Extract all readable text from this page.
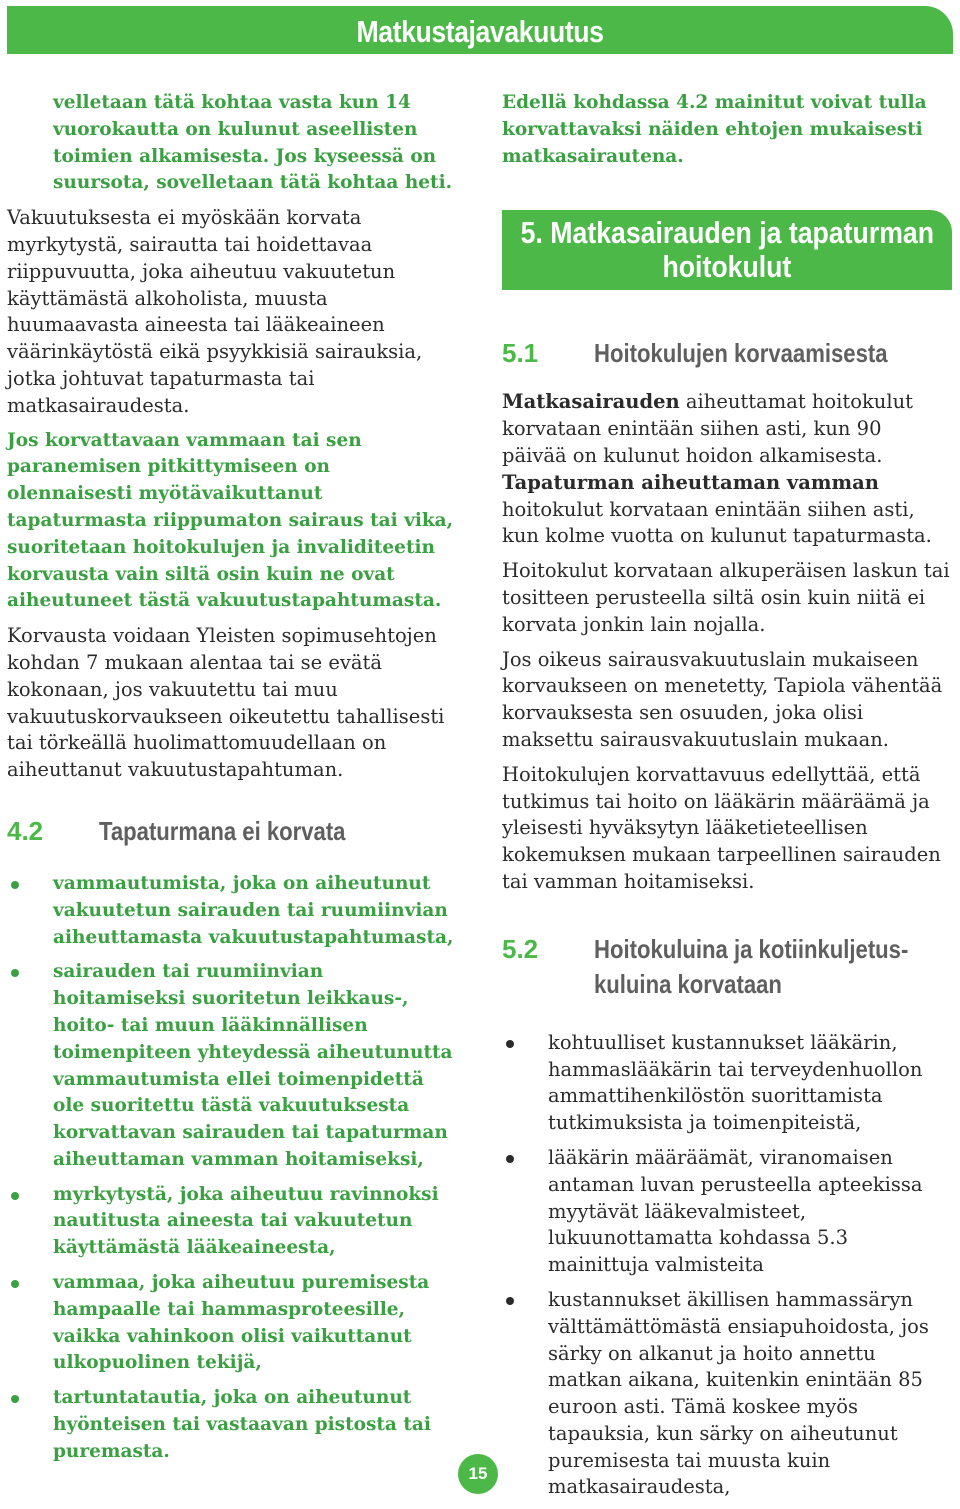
Matkustajavakuutus

velletaan tätä kohtaa vasta kun 14 vuorokautta on kulunut aseellisten toimien alkamisesta. Jos kyseessä on suursota, sovelletaan tätä kohtaa heti.

Vakuutuksesta ei myöskään korvata myrkytystä, sairautta tai hoidettavaa riippuvuutta, joka aiheutuu vakuutetun käyttämästä alkoholista, muusta huumaavasta aineesta tai lääkeaineen väärinkäytöstä eikä psyykkisiä sairauksia, jotka johtuvat tapaturmasta tai matkasairaudesta.

Jos korvattavaan vammaan tai sen paranemisen pitkittymiseen on olennaisesti myötävaikuttanut tapaturmasta riippumaton sairaus tai vika, suoritetaan hoitokulujen ja invaliditeetin korvausta vain siltä osin kuin ne ovat aiheutuneet tästä vakuutustapahtumasta.

Korvausta voidaan Yleisten sopimusehtojen kohdan 7 mukaan alentaa tai se evätä kokonaan, jos vakuutettu tai muu vakuutuskorvaukseen oikeutettu tahallisesti tai törkeällä huolimattomuudellaan on aiheuttanut vakuutustapahtuman.

4.2 Tapaturmana ei korvata
vammautumista, joka on aiheutunut vakuutetun sairauden tai ruumiinvian aiheuttamasta vakuutustapahtumasta,
sairauden tai ruumiinvian hoitamiseksi suoritetun leikkaus-, hoito- tai muun lääkinnällisen toimenpiteen yhteydessä aiheutunutta vammautumista ellei toimenpidettä ole suoritettu tästä vakuutuksesta korvattavan sairauden tai tapaturman aiheuttaman vamman hoitamiseksi,
myrkytystä, joka aiheutuu ravinnoksi nautitusta aineesta tai vakuutetun käyttämästä lääkeaineesta,
vammaa, joka aiheutuu puremisesta hampaalle tai hammasproteesille, vaikka vahinkoon olisi vaikuttanut ulkopuolinen tekijä,
tartuntatautia, joka on aiheutunut hyönteisen tai vastaavan pistosta tai puremasta.

Edellä kohdassa 4.2 mainitut voivat tulla korvattavaksi näiden ehtojen mukaisesti matkasairautena.

5. Matkasairauden ja tapaturman
hoitokulut
5.1 Hoitokulujen korvaamisesta

Matkasairauden aiheuttamat hoitokulut korvataan enintään siihen asti, kun 90 päivää on kulunut hoidon alkamisesta. Tapaturman aiheuttaman vamman hoitokulut korvataan enintään siihen asti, kun kolme vuotta on kulunut tapaturmasta.

Hoitokulut korvataan alkuperäisen laskun tai tositteen perusteella siltä osin kuin niitä ei korvata jonkin lain nojalla.

Jos oikeus sairausvakuutuslain mukaiseen korvaukseen on menetetty, Tapiola vähentää korvauksesta sen osuuden, joka olisi maksettu sairausvakuutuslain mukaan.

Hoitokulujen korvattavuus edellyttää, että tutkimus tai hoito on lääkärin määräämä ja yleisesti hyväksytyn lääketieteellisen kokemuksen mukaan tarpeellinen sairauden tai vamman hoitamiseksi.

5.2 Hoitokuluina ja kotiinkuljetus-
kuluina korvataan
kohtuulliset kustannukset lääkärin, hammaslääkärin tai terveydenhuollon ammattihenkilöstön suorittamista tutkimuksista ja toimenpiteistä,
lääkärin määräämät, viranomaisen antaman luvan perusteella apteekissa myytävät lääkevalmisteet, lukuunottamatta kohdassa 5.3 mainittuja valmisteita
kustannukset äkillisen hammassäryn välttämättömästä ensiapuhoidosta, jos särky on alkanut ja hoito annettu matkan aikana, kuitenkin enintään 85 euroon asti. Tämä koskee myös tapauksia, kun särky on aiheutunut puremisesta tai muusta kuin matkasairaudesta,
15
